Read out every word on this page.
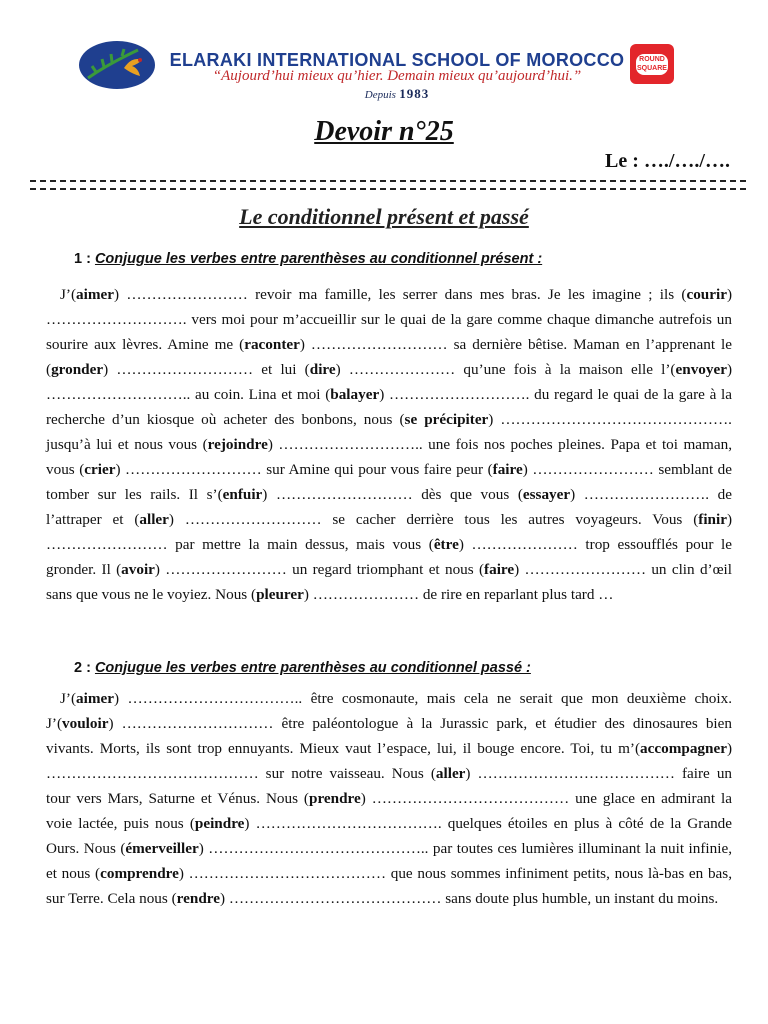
ELARAKI INTERNATIONAL SCHOOL OF MOROCCO
“Aujourd’hui mieux qu’hier. Demain mieux qu’aujourd’hui.”
Depuis 1983
ROUND
SQUARE
Devoir n°25
Le : …./…./….
Le conditionnel présent et passé
1 : Conjugue les verbes entre parenthèses au conditionnel présent :
J’(aimer) …………………… revoir ma famille, les serrer dans mes bras. Je les imagine ; ils (courir) ………………………. vers moi pour m’accueillir sur le quai de la gare comme chaque dimanche autrefois un sourire aux lèvres. Amine me (raconter) ……………………… sa dernière bêtise. Maman en l’apprenant le (gronder) ……………………… et lui (dire) ………………… qu’une fois à la maison elle l’(envoyer) ……………………….. au coin. Lina et moi (balayer) ………………………. du regard le quai de la gare à la recherche d’un kiosque où acheter des bonbons, nous (se précipiter) ………………………………………. jusqu’à lui et nous vous (rejoindre) ……………………….. une fois nos poches pleines. Papa et toi maman, vous (crier) ……………………… sur Amine qui pour vous faire peur (faire) …………………… semblant de tomber sur les rails. Il s’(enfuir) ……………………… dès que vous (essayer) ……………………. de l’attraper et (aller) ……………………… se cacher derrière tous les autres voyageurs. Vous (finir) …………………… par mettre la main dessus, mais vous (être) ………………… trop essoufflés pour le gronder. Il (avoir) …………………… un regard triomphant et nous (faire) …………………… un clin d’œil sans que vous ne le voyiez. Nous (pleurer) ………………… de rire en reparlant plus tard …
2 : Conjugue les verbes entre parenthèses au conditionnel passé :
J’(aimer) …………………………….. être cosmonaute, mais cela ne serait que mon deuxième choix. J’(vouloir) ………………………… être paléontologue à la Jurassic park, et étudier des dinosaures bien vivants. Morts, ils sont trop ennuyants. Mieux vaut l’espace, lui, il bouge encore. Toi, tu m’(accompagner) …………………………………… sur notre vaisseau. Nous (aller) ………………………………… faire un tour vers Mars, Saturne et Vénus. Nous (prendre) ………………………………… une glace en admirant la voie lactée, puis nous (peindre) ………………………………. quelques étoiles en plus à côté de la Grande Ours. Nous (émerveiller) …………………………………….. par toutes ces lumières illuminant la nuit infinie, et nous (comprendre) ………………………………… que nous sommes infiniment petits, nous là-bas en bas, sur Terre. Cela nous (rendre) …………………………………… sans doute plus humble, un instant du moins.
